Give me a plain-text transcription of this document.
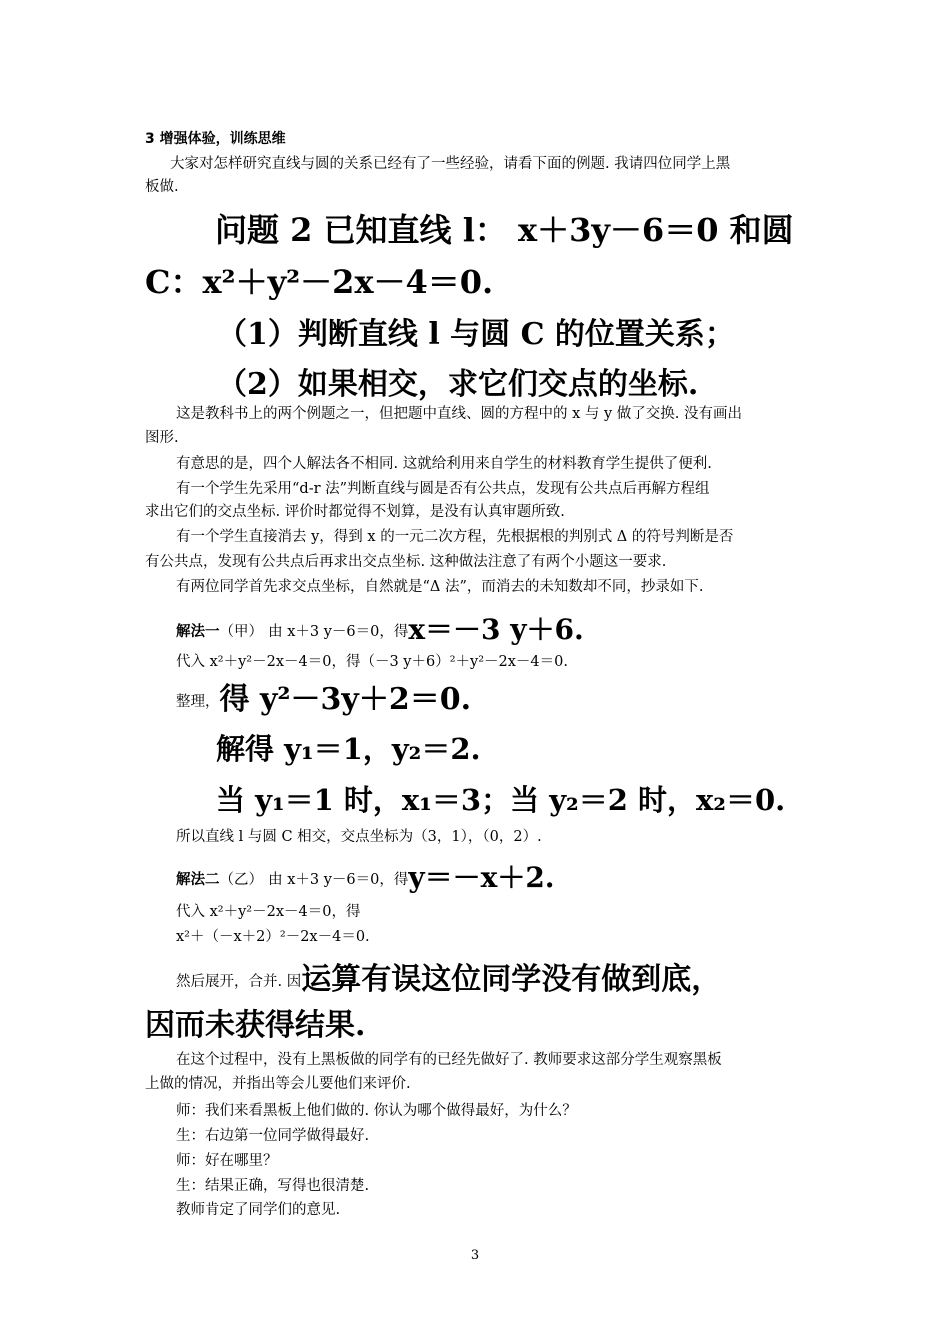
3 增强体验，训练思维
大家对怎样研究直线与圆的关系已经有了一些经验，请看下面的例题. 我请四位同学上黑
板做.
问题 2 已知直线 l： x＋3y－6＝0 和圆
C：x²＋y²－2x－4＝0.
（1）判断直线 l 与圆 C 的位置关系；
（2）如果相交，求它们交点的坐标.
这是教科书上的两个例题之一，但把题中直线、圆的方程中的 x 与 y 做了交换. 没有画出
图形.
有意思的是，四个人解法各不相同. 这就给利用来自学生的材料教育学生提供了便利.
有一个学生先采用“d-r 法”判断直线与圆是否有公共点，发现有公共点后再解方程组
求出它们的交点坐标. 评价时都觉得不划算，是没有认真审题所致.
有一个学生直接消去 y，得到 x 的一元二次方程，先根据根的判别式 Δ 的符号判断是否
有公共点，发现有公共点后再求出交点坐标. 这种做法注意了有两个小题这一要求.
有两位同学首先求交点坐标，自然就是“Δ 法”，而消去的未知数却不同，抄录如下.
解法一（甲） 由 x＋3 y－6＝0，得x＝－3 y＋6.
代入 x²＋y²－2x－4＝0，得（－3 y＋6）²＋y²－2x－4＝0.
整理，得 y²－3y＋2＝0.
解得 y₁＝1，y₂＝2.
当 y₁＝1 时，x₁＝3；当 y₂＝2 时，x₂＝0.
所以直线 l 与圆 C 相交，交点坐标为（3，1），（0，2）.
解法二（乙） 由 x＋3 y－6＝0，得y＝－x＋2.
代入 x²＋y²－2x－4＝0，得
x²＋（－x＋2）²－2x－4＝0.
然后展开，合并. 因运算有误这位同学没有做到底，
因而未获得结果.
在这个过程中，没有上黑板做的同学有的已经先做好了. 教师要求这部分学生观察黑板
上做的情况，并指出等会儿要他们来评价.
师：我们来看黑板上他们做的. 你认为哪个做得最好，为什么？
生：右边第一位同学做得最好.
师：好在哪里？
生：结果正确，写得也很清楚.
教师肯定了同学们的意见.
3
